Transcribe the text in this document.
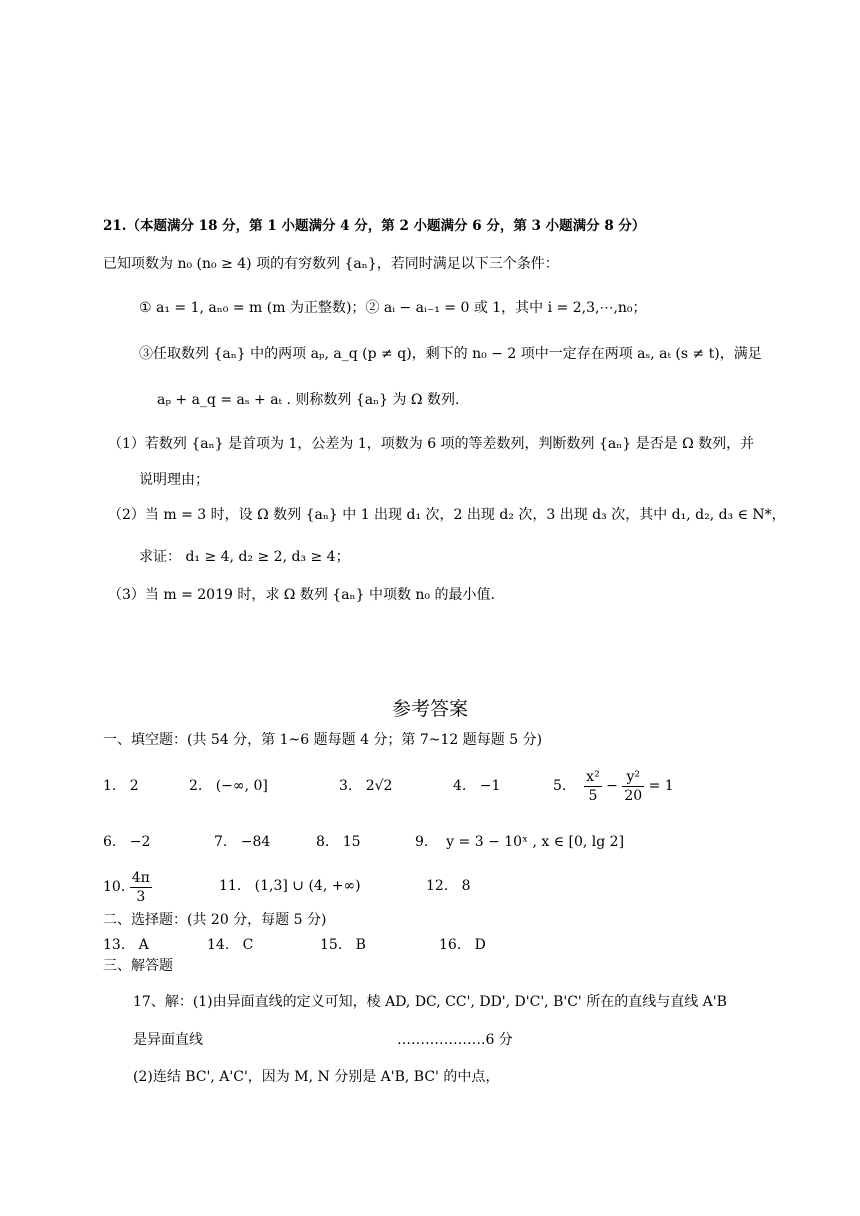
21.（本题满分 18 分，第 1 小题满分 4 分，第 2 小题满分 6 分，第 3 小题满分 8 分）
已知项数为 n₀ (n₀ ≥ 4) 项的有穷数列 {aₙ}，若同时满足以下三个条件：
① a₁ = 1, aₙ₀ = m (m 为正整数)；② aᵢ − aᵢ₋₁ = 0 或 1，其中 i = 2,3,⋯,n₀；
③任取数列 {aₙ} 中的两项 aₚ, a_q (p ≠ q)，剩下的 n₀ − 2 项中一定存在两项 aₛ, aₜ (s ≠ t)，满足
aₚ + a_q = aₛ + aₜ . 则称数列 {aₙ} 为 Ω 数列.
（1）若数列 {aₙ} 是首项为 1，公差为 1，项数为 6 项的等差数列，判断数列 {aₙ} 是否是 Ω 数列，并
说明理由；
（2）当 m = 3 时，设 Ω 数列 {aₙ} 中 1 出现 d₁ 次，2 出现 d₂ 次，3 出现 d₃ 次，其中 d₁, d₂, d₃ ∈ N*，
求证： d₁ ≥ 4, d₂ ≥ 2, d₃ ≥ 4；
（3）当 m = 2019 时，求 Ω 数列 {aₙ} 中项数 n₀ 的最小值.
参考答案
一、填空题：(共 54 分，第 1~6 题每题 4 分；第 7~12 题每题 5 分)
1. 2	2. (−∞, 0]	3. 2√2	4. −1	5. $\frac{\text{x²}}{5} - \frac{\text{y²}}{20} = 1$
6. −2	7. −84	8. 15	9. y = 3 − 10ˣ , x ∈ [0, lg 2]
10. $\frac{4\pi}{3}$	11. (1,3] ∪ (4, +∞)	12. 8
二、选择题：(共 20 分，每题 5 分)
13. A	14. C	15. B	16. D
三、解答题
17、解：(1)由异面直线的定义可知，棱 AD, DC, CC', DD', D'C', B'C' 所在的直线与直线 A'B
是异面直线	……………….6 分
(2)连结 BC', A'C'，因为 M, N 分别是 A'B, BC' 的中点，
